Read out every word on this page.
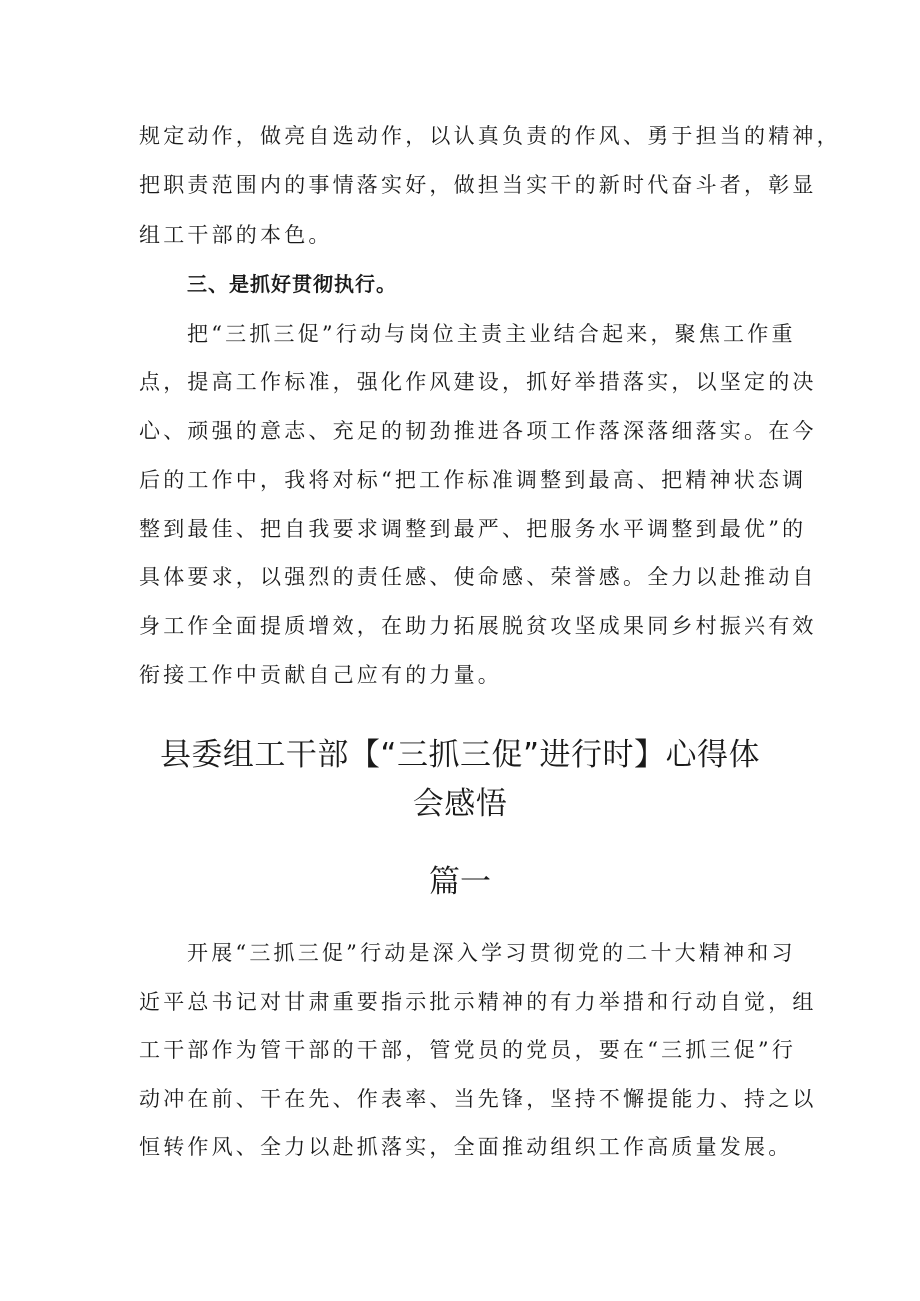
规定动作，做亮自选动作，以认真负责的作风、勇于担当的精神，
把职责范围内的事情落实好，做担当实干的新时代奋斗者，彰显
组工干部的本色。
三、是抓好贯彻执行。
把“三抓三促”行动与岗位主责主业结合起来，聚焦工作重
点，提高工作标准，强化作风建设，抓好举措落实，以坚定的决
心、顽强的意志、充足的韧劲推进各项工作落深落细落实。在今
后的工作中，我将对标“把工作标准调整到最高、把精神状态调
整到最佳、把自我要求调整到最严、把服务水平调整到最优”的
具体要求，以强烈的责任感、使命感、荣誉感。全力以赴推动自
身工作全面提质增效，在助力拓展脱贫攻坚成果同乡村振兴有效
衔接工作中贡献自己应有的力量。
县委组工干部【“三抓三促”进行时】心得体
会感悟
篇一
开展“三抓三促”行动是深入学习贯彻党的二十大精神和习
近平总书记对甘肃重要指示批示精神的有力举措和行动自觉，组
工干部作为管干部的干部，管党员的党员，要在“三抓三促”行
动冲在前、干在先、作表率、当先锋，坚持不懈提能力、持之以
恒转作风、全力以赴抓落实，全面推动组织工作高质量发展。
